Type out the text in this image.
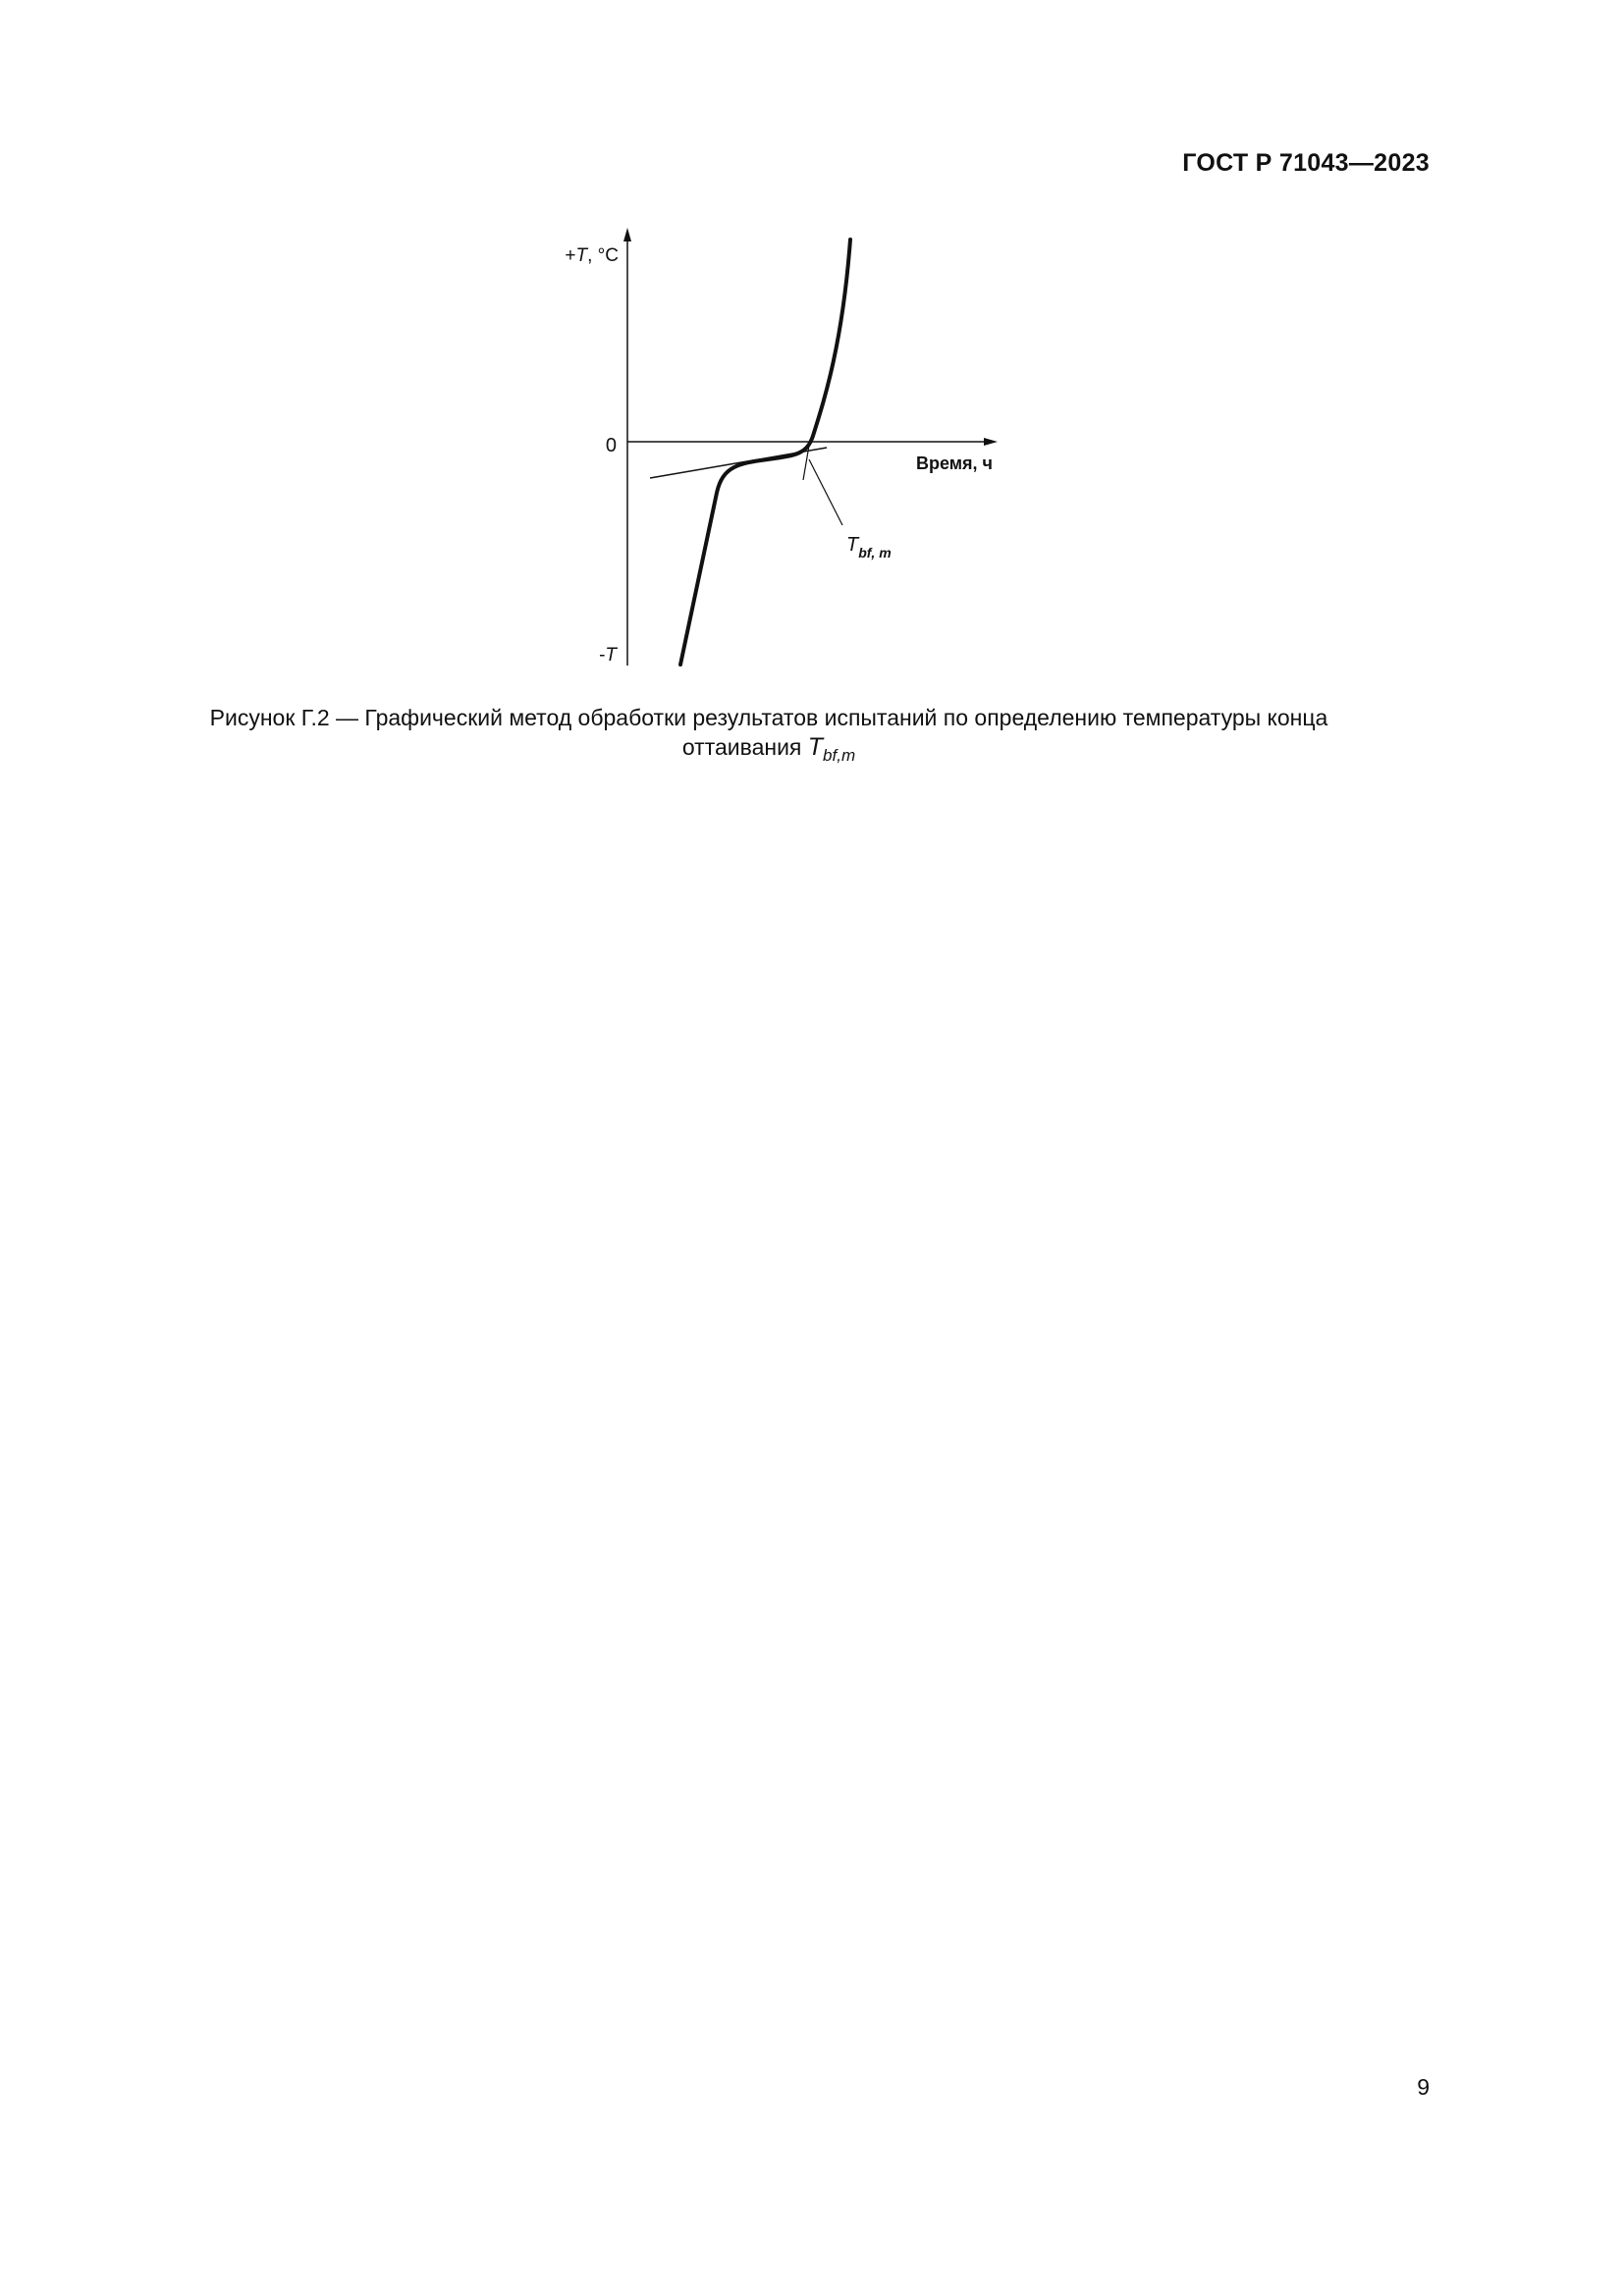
ГОСТ Р 71043—2023
+T, °C
0
-T
Время, ч
$T_{bf, m}$
Рисунок Г.2 — Графический метод обработки результатов испытаний по определению температуры конца
оттаивания $T_{bf,m}$
9
